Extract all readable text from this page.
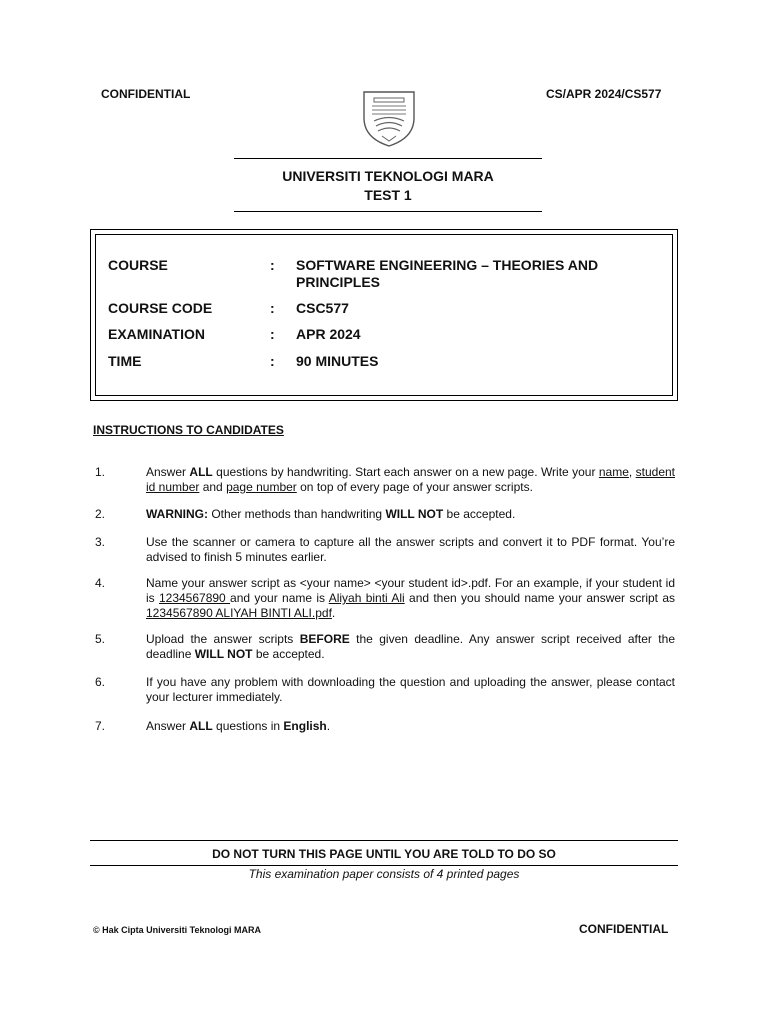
CONFIDENTIAL	CS/APR 2024/CS577
UNIVERSITI TEKNOLOGI MARA
TEST 1
COURSE	: SOFTWARE ENGINEERING – THEORIES AND PRINCIPLES
COURSE CODE	: CSC577
EXAMINATION	: APR 2024
TIME	: 90 MINUTES
INSTRUCTIONS TO CANDIDATES
1.	Answer ALL questions by handwriting. Start each answer on a new page. Write your name, student id number and page number on top of every page of your answer scripts.
2.	WARNING: Other methods than handwriting WILL NOT be accepted.
3.	Use the scanner or camera to capture all the answer scripts and convert it to PDF format. You’re advised to finish 5 minutes earlier.
4.	Name your answer script as <your name> <your student id>.pdf. For an example, if your student id is 1234567890 and your name is Aliyah binti Ali and then you should name your answer script as 1234567890 ALIYAH BINTI ALI.pdf.
5.	Upload the answer scripts BEFORE the given deadline. Any answer script received after the deadline WILL NOT be accepted.
6.	If you have any problem with downloading the question and uploading the answer, please contact your lecturer immediately.
7.	Answer ALL questions in English.
DO NOT TURN THIS PAGE UNTIL YOU ARE TOLD TO DO SO
This examination paper consists of 4 printed pages
© Hak Cipta Universiti Teknologi MARA	CONFIDENTIAL
